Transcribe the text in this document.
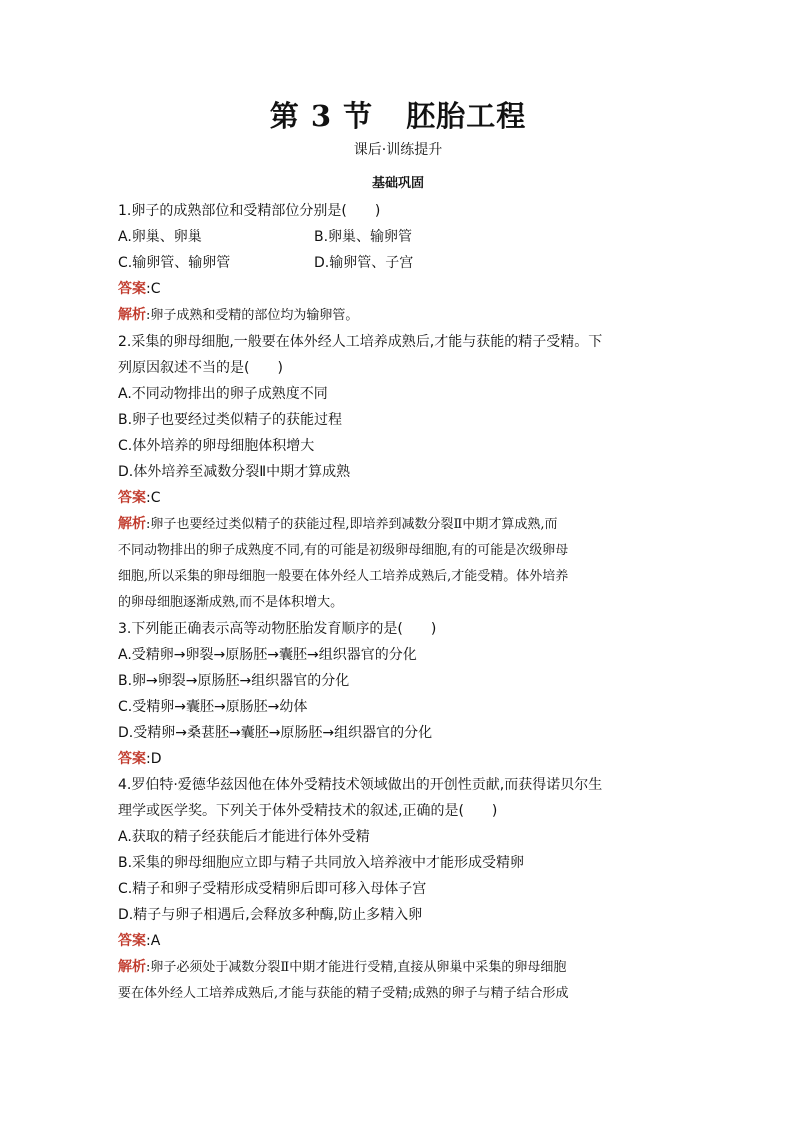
第 3 节 胚胎工程
课后·训练提升
基础巩固
1.卵子的成熟部位和受精部位分别是(　　)
A.卵巢、卵巢	B.卵巢、输卵管
C.输卵管、输卵管	D.输卵管、子宫
答案:C
解析:卵子成熟和受精的部位均为输卵管。
2.采集的卵母细胞,一般要在体外经人工培养成熟后,才能与获能的精子受精。下
列原因叙述不当的是(　　)
A.不同动物排出的卵子成熟度不同
B.卵子也要经过类似精子的获能过程
C.体外培养的卵母细胞体积增大
D.体外培养至减数分裂Ⅱ中期才算成熟
答案:C
解析:卵子也要经过类似精子的获能过程,即培养到减数分裂Ⅱ中期才算成熟,而
不同动物排出的卵子成熟度不同,有的可能是初级卵母细胞,有的可能是次级卵母
细胞,所以采集的卵母细胞一般要在体外经人工培养成熟后,才能受精。体外培养
的卵母细胞逐渐成熟,而不是体积增大。
3.下列能正确表示高等动物胚胎发育顺序的是(　　)
A.受精卵→卵裂→原肠胚→囊胚→组织器官的分化
B.卵→卵裂→原肠胚→组织器官的分化
C.受精卵→囊胚→原肠胚→幼体
D.受精卵→桑葚胚→囊胚→原肠胚→组织器官的分化
答案:D
4.罗伯特·爱德华兹因他在体外受精技术领域做出的开创性贡献,而获得诺贝尔生
理学或医学奖。下列关于体外受精技术的叙述,正确的是(　　)
A.获取的精子经获能后才能进行体外受精
B.采集的卵母细胞应立即与精子共同放入培养液中才能形成受精卵
C.精子和卵子受精形成受精卵后即可移入母体子宫
D.精子与卵子相遇后,会释放多种酶,防止多精入卵
答案:A
解析:卵子必须处于减数分裂Ⅱ中期才能进行受精,直接从卵巢中采集的卵母细胞
要在体外经人工培养成熟后,才能与获能的精子受精;成熟的卵子与精子结合形成
